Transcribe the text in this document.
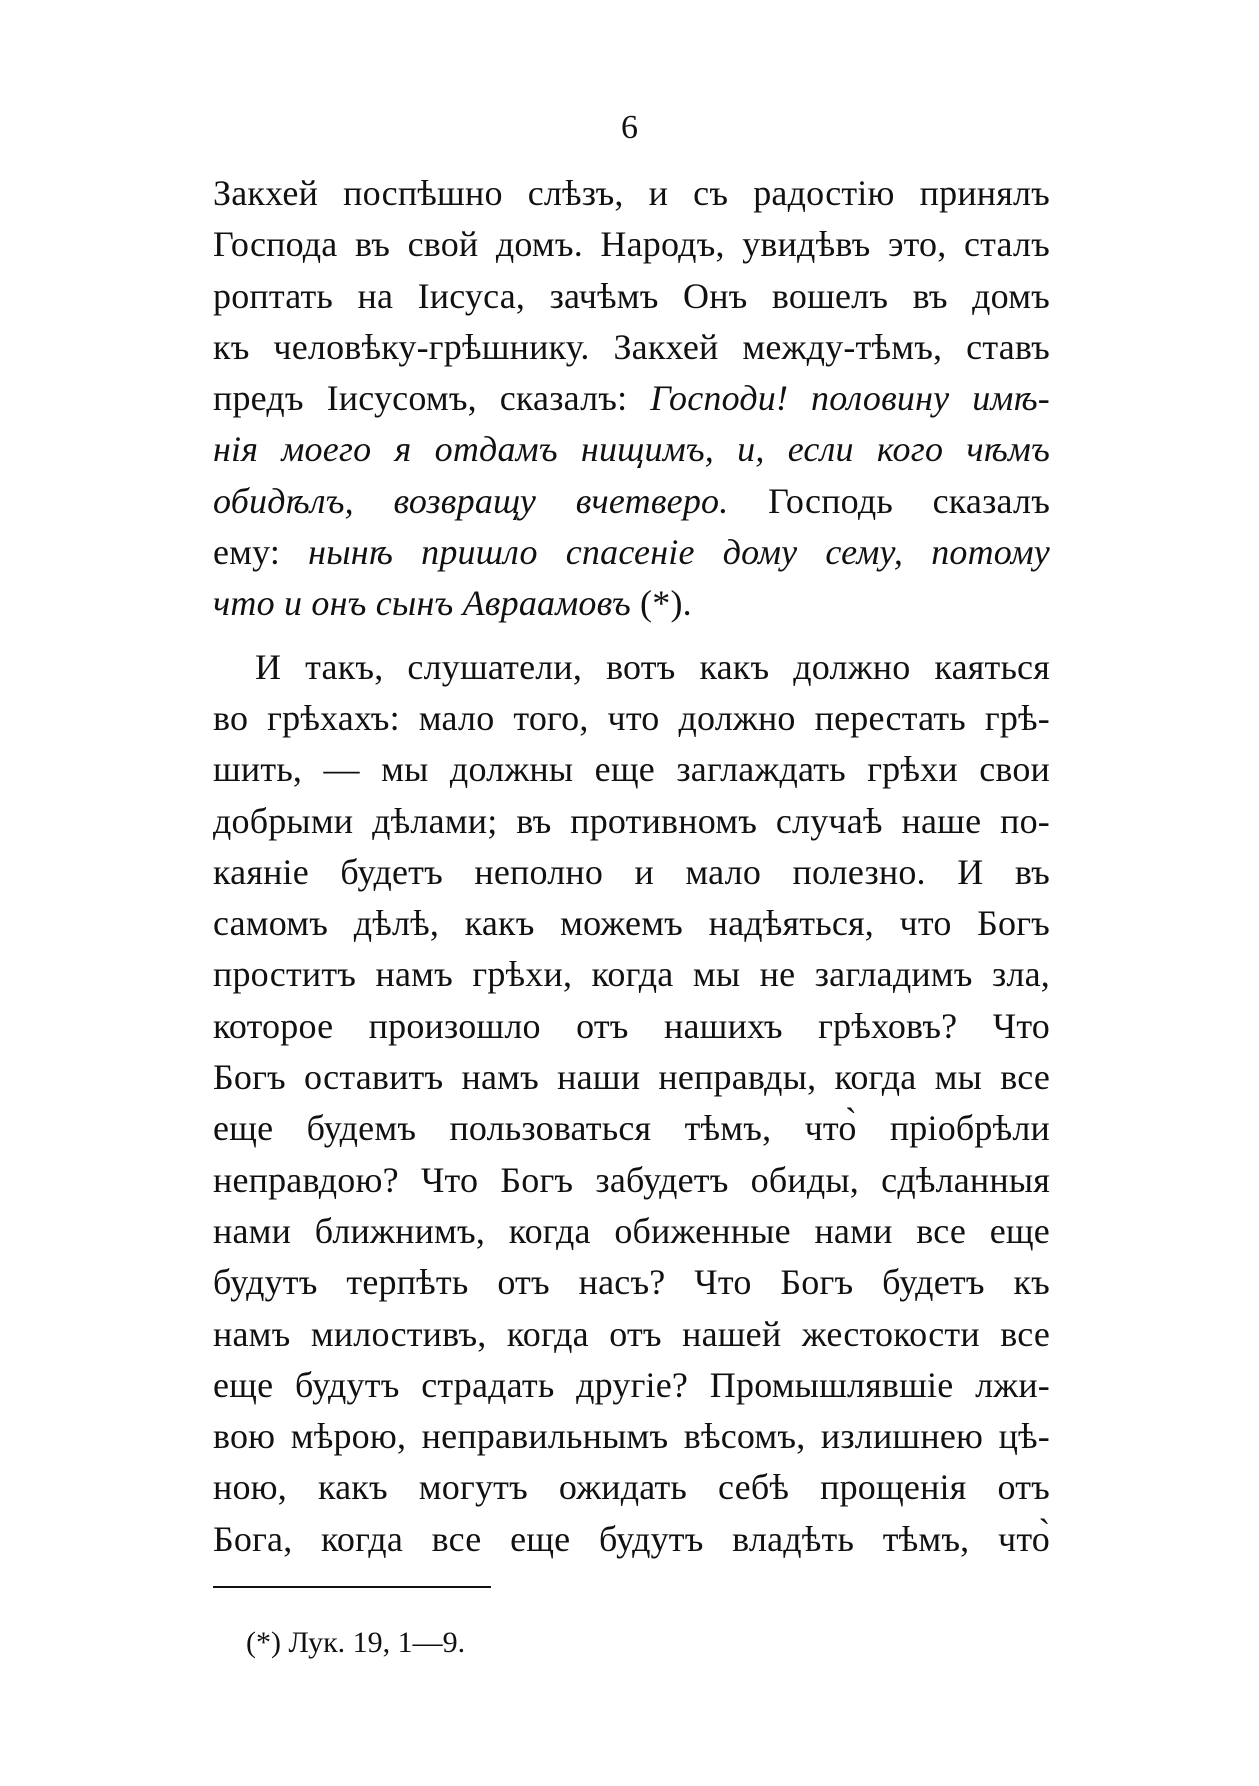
6
Закхей поспѣшно слѣзъ, и съ радостію принялъ
Господа въ свой домъ. Народъ, увидѣвъ это, сталъ
роптать на Іисуса, зачѣмъ Онъ вошелъ въ домъ
къ человѣку-грѣшнику. Закхей между-тѣмъ, ставъ
предъ Іисусомъ, сказалъ: Господи! половину имѣ-
нія моего я отдамъ нищимъ, и, если кого чѣмъ
обидѣлъ, возвращу вчетверо. Господь сказалъ
ему: нынѣ пришло спасеніе дому сему, потому
что и онъ сынъ Авраамовъ (*).
И такъ, слушатели, вотъ какъ должно каяться
во грѣхахъ: мало того, что должно перестать грѣ-
шить, — мы должны еще заглаждать грѣхи свои
добрыми дѣлами; въ противномъ случаѣ наше по-
каяніе будетъ неполно и мало полезно. И въ
самомъ дѣлѣ, какъ можемъ надѣяться, что Богъ
проститъ намъ грѣхи, когда мы не загладимъ зла,
которое произошло отъ нашихъ грѣховъ? Что
Богъ оставитъ намъ наши неправды, когда мы все
еще будемъ пользоваться тѣмъ, что̀ пріобрѣли
неправдою? Что Богъ забудетъ обиды, сдѣланныя
нами ближнимъ, когда обиженные нами все еще
будутъ терпѣть отъ насъ? Что Богъ будетъ къ
намъ милостивъ, когда отъ нашей жестокости все
еще будутъ страдать другіе? Промышлявшіе лжи-
вою мѣрою, неправильнымъ вѣсомъ, излишнею цѣ-
ною, какъ могутъ ожидать себѣ прощенія отъ
Бога, когда все еще будутъ владѣть тѣмъ, что̀
(*) Лук. 19, 1—9.
